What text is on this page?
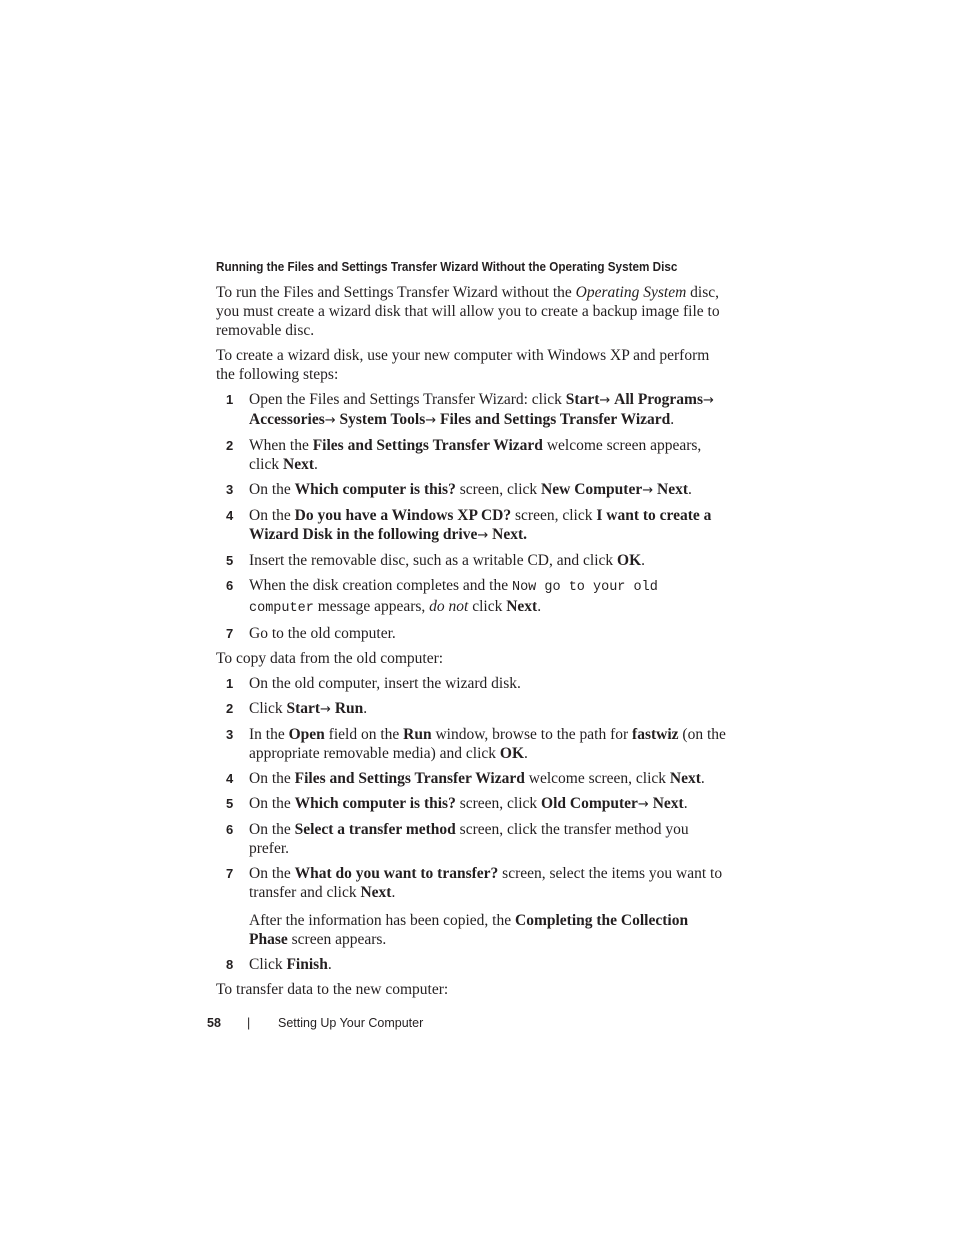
Running the Files and Settings Transfer Wizard Without the Operating System Disc

To run the Files and Settings Transfer Wizard without the Operating System disc, you must create a wizard disk that will allow you to create a backup image file to removable disc.

To create a wizard disk, use your new computer with Windows XP and perform the following steps:

1 Open the Files and Settings Transfer Wizard: click Start→ All Programs→ Accessories→ System Tools→ Files and Settings Transfer Wizard.
2 When the Files and Settings Transfer Wizard welcome screen appears, click Next.
3 On the Which computer is this? screen, click New Computer→ Next.
4 On the Do you have a Windows XP CD? screen, click I want to create a Wizard Disk in the following drive→ Next.
5 Insert the removable disc, such as a writable CD, and click OK.
6 When the disk creation completes and the Now go to your old computer message appears, do not click Next.
7 Go to the old computer.

To copy data from the old computer:

1 On the old computer, insert the wizard disk.
2 Click Start→ Run.
3 In the Open field on the Run window, browse to the path for fastwiz (on the appropriate removable media) and click OK.
4 On the Files and Settings Transfer Wizard welcome screen, click Next.
5 On the Which computer is this? screen, click Old Computer→ Next.
6 On the Select a transfer method screen, click the transfer method you prefer.
7 On the What do you want to transfer? screen, select the items you want to transfer and click Next.
After the information has been copied, the Completing the Collection Phase screen appears.
8 Click Finish.

To transfer data to the new computer:

58 | Setting Up Your Computer
